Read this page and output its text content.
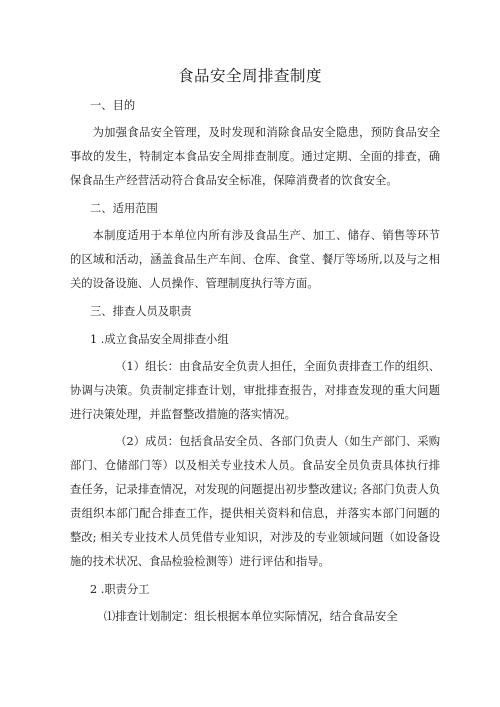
食品安全周排查制度

一、目的

为加强食品安全管理，及时发现和消除食品安全隐患，预防食品安全事故的发生，特制定本食品安全周排查制度。通过定期、全面的排查，确保食品生产经营活动符合食品安全标准，保障消费者的饮食安全。

二、适用范围

本制度适用于本单位内所有涉及食品生产、加工、储存、销售等环节的区域和活动，涵盖食品生产车间、仓库、食堂、餐厅等场所,以及与之相关的设备设施、人员操作、管理制度执行等方面。

三、排查人员及职责

1 .成立食品安全周排查小组

（1）组长：由食品安全负责人担任，全面负责排查工作的组织、协调与决策。负责制定排查计划，审批排查报告，对排查发现的重大问题进行决策处理，并监督整改措施的落实情况。

（2）成员：包括食品安全员、各部门负责人（如生产部门、采购部门、仓储部门等）以及相关专业技术人员。食品安全员负责具体执行排查任务，记录排查情况，对发现的问题提出初步整改建议; 各部门负责人负责组织本部门配合排查工作，提供相关资料和信息，并落实本部门问题的整改; 相关专业技术人员凭借专业知识，对涉及的专业领域问题（如设备设施的技术状况、食品检验检测等）进行评估和指导。

2 .职责分工

⑴排查计划制定：组长根据本单位实际情况，结合食品安全
